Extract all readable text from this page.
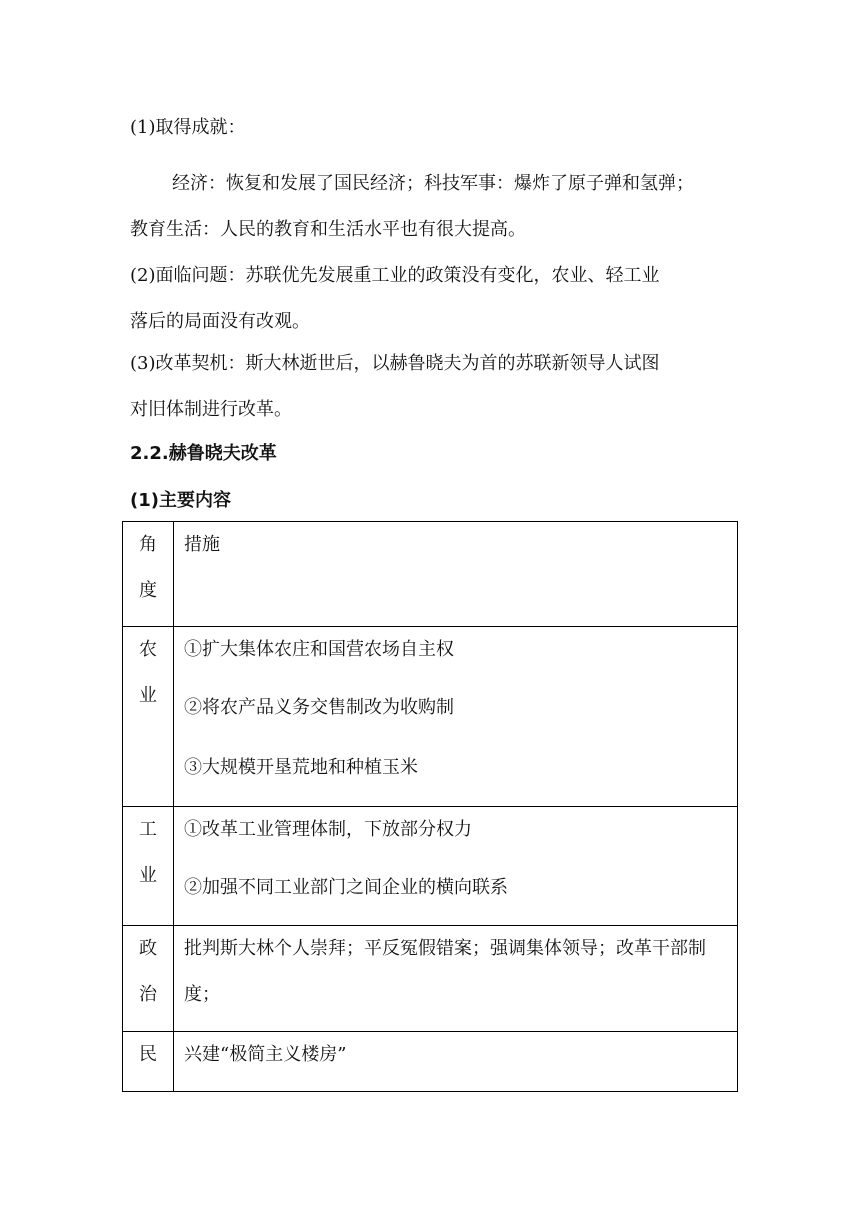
(1)取得成就：
经济：恢复和发展了国民经济；科技军事：爆炸了原子弹和氢弹；
教育生活：人民的教育和生活水平也有很大提高。
(2)面临问题：苏联优先发展重工业的政策没有变化，农业、轻工业
落后的局面没有改观。
(3)改革契机：斯大林逝世后，以赫鲁晓夫为首的苏联新领导人试图
对旧体制进行改革。
2.2.赫鲁晓夫改革
(1)主要内容
角
度	措施

农
业	①扩大集体农庄和国营农场自主权
②将农产品义务交售制改为收购制
③大规模开垦荒地和种植玉米

工
业	①改革工业管理体制，下放部分权力
②加强不同工业部门之间企业的横向联系

政
治	批判斯大林个人崇拜；平反冤假错案；强调集体领导；改革干部制度；

民	兴建“极简主义楼房”
